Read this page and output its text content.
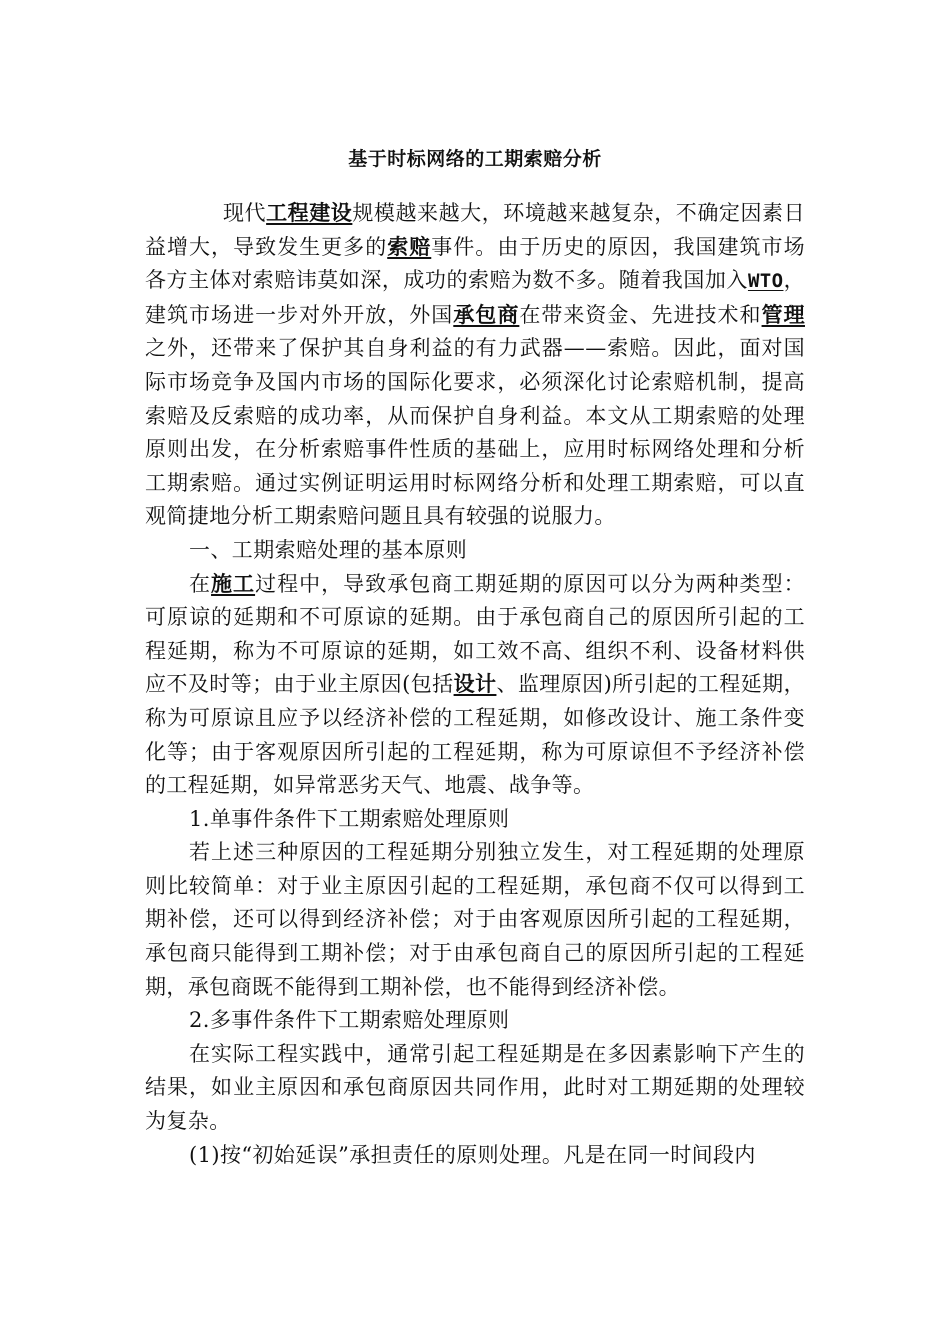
基于时标网络的工期索赔分析

现代工程建设规模越来越大，环境越来越复杂，不确定因素日益增大，导致发生更多的索赔事件。由于历史的原因，我国建筑市场各方主体对索赔讳莫如深，成功的索赔为数不多。随着我国加入WTO，建筑市场进一步对外开放，外国承包商在带来资金、先进技术和管理之外，还带来了保护其自身利益的有力武器——索赔。因此，面对国际市场竞争及国内市场的国际化要求，必须深化讨论索赔机制，提高索赔及反索赔的成功率，从而保护自身利益。本文从工期索赔的处理原则出发，在分析索赔事件性质的基础上，应用时标网络处理和分析工期索赔。通过实例证明运用时标网络分析和处理工期索赔，可以直观简捷地分析工期索赔问题且具有较强的说服力。

一、工期索赔处理的基本原则

在施工过程中，导致承包商工期延期的原因可以分为两种类型：可原谅的延期和不可原谅的延期。由于承包商自己的原因所引起的工程延期，称为不可原谅的延期，如工效不高、组织不利、设备材料供应不及时等；由于业主原因(包括设计、监理原因)所引起的工程延期，称为可原谅且应予以经济补偿的工程延期，如修改设计、施工条件变化等；由于客观原因所引起的工程延期，称为可原谅但不予经济补偿的工程延期，如异常恶劣天气、地震、战争等。

1.单事件条件下工期索赔处理原则

若上述三种原因的工程延期分别独立发生，对工程延期的处理原则比较简单：对于业主原因引起的工程延期，承包商不仅可以得到工期补偿，还可以得到经济补偿；对于由客观原因所引起的工程延期，承包商只能得到工期补偿；对于由承包商自己的原因所引起的工程延期，承包商既不能得到工期补偿，也不能得到经济补偿。

2.多事件条件下工期索赔处理原则

在实际工程实践中，通常引起工程延期是在多因素影响下产生的结果，如业主原因和承包商原因共同作用，此时对工期延期的处理较为复杂。

(1)按“初始延误”承担责任的原则处理。凡是在同一时间段内
